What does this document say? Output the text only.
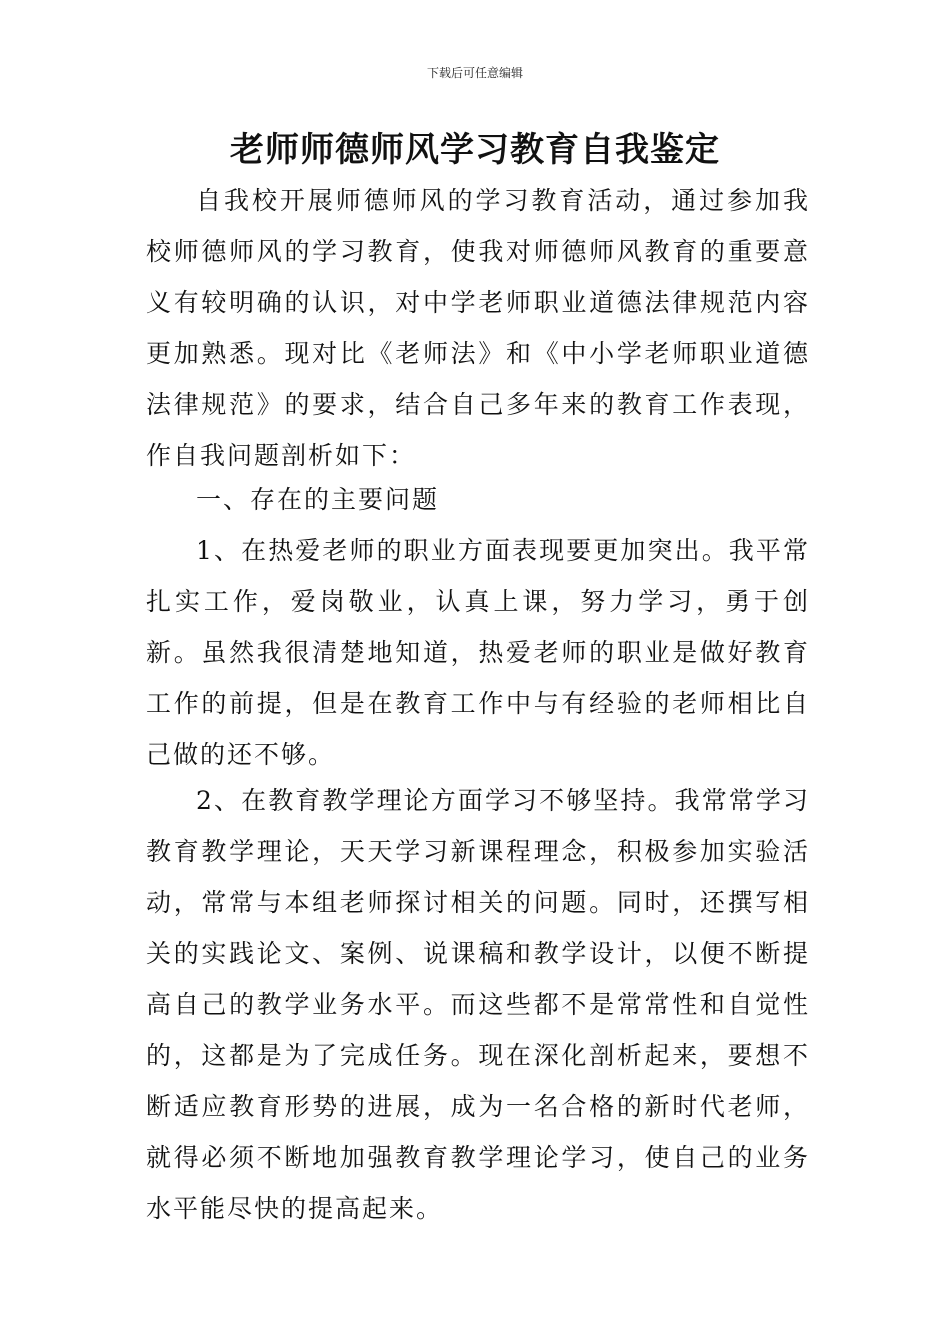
下载后可任意编辑
老师师德师风学习教育自我鉴定

自我校开展师德师风的学习教育活动，通过参加我校师德师风的学习教育，使我对师德师风教育的重要意义有较明确的认识，对中学老师职业道德法律规范内容更加熟悉。现对比《老师法》和《中小学老师职业道德法律规范》的要求，结合自己多年来的教育工作表现，作自我问题剖析如下：

一、存在的主要问题

1、在热爱老师的职业方面表现要更加突出。我平常扎实工作，爱岗敬业，认真上课，努力学习，勇于创新。虽然我很清楚地知道，热爱老师的职业是做好教育工作的前提，但是在教育工作中与有经验的老师相比自己做的还不够。

2、在教育教学理论方面学习不够坚持。我常常学习教育教学理论，天天学习新课程理念，积极参加实验活动，常常与本组老师探讨相关的问题。同时，还撰写相关的实践论文、案例、说课稿和教学设计，以便不断提高自己的教学业务水平。而这些都不是常常性和自觉性的，这都是为了完成任务。现在深化剖析起来，要想不断适应教育形势的进展，成为一名合格的新时代老师，就得必须不断地加强教育教学理论学习，使自己的业务水平能尽快的提高起来。
